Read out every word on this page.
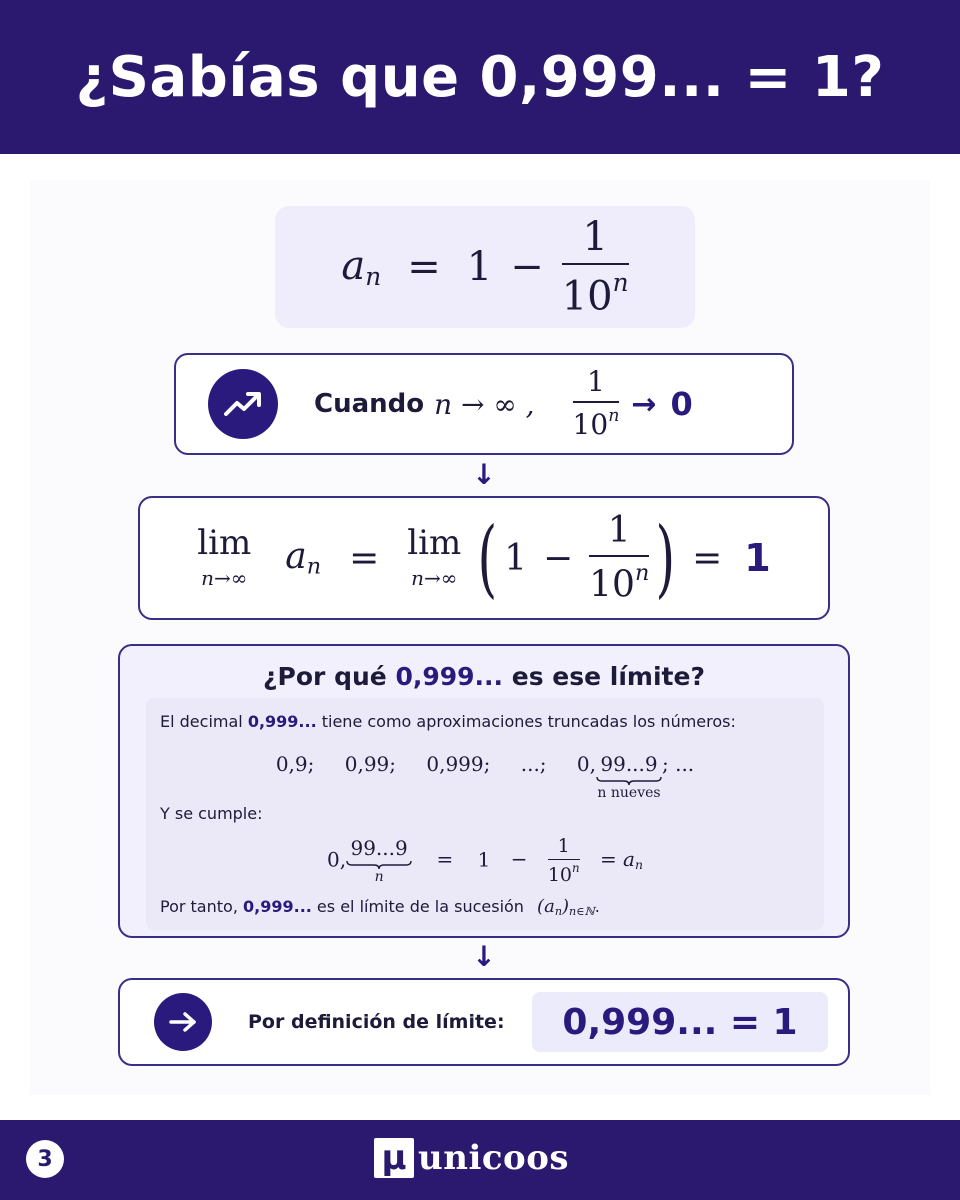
¿Sabías que 0,999... = 1?
$a_n = 1 - \frac{1}{10^n}$
Cuando n → ∞ , $\frac{1}{10^n} \to 0$
↓
lim
n→∞
$a_n = \lim$
n→∞ ( $1 - \frac{1}{10^n}$ ) = 1
¿Por qué 0,999... es ese límite?
El decimal 0,999... tiene como aproximaciones truncadas los números:
0,9; 0,99; 0,999; ...; 0, 99...9
n nueves
; ...
Y se cumple:
0, 99...9
n
= $1 - \frac{1}{10^n} = a_n$
Por tanto, 0,999... es el límite de la sucesión $(a_n)_{n\in ℕ}$.
↓
Por definición de límite:	0,999... = 1
3	µ unicoos
